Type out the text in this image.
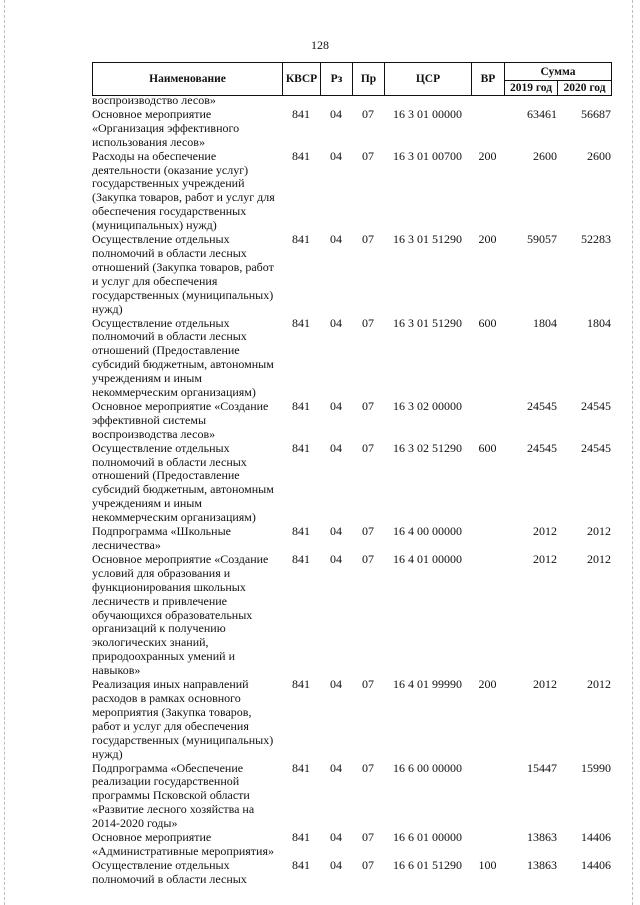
128
Наименование	КВСР	Рз	Пр	ЦСР	ВР	Сумма	
						2019 год	2020 год
воспроизводство лесов»							
Основное мероприятие «Организация эффективного использования лесов»	841	04	07	16 3 01 00000		63461	56687
Расходы на обеспечение деятельности (оказание услуг) государственных учреждений (Закупка товаров, работ и услуг для обеспечения государственных (муниципальных) нужд)	841	04	07	16 3 01 00700	200	2600	2600
Осуществление отдельных полномочий в области лесных отношений (Закупка товаров, работ и услуг для обеспечения государственных (муниципальных) нужд)	841	04	07	16 3 01 51290	200	59057	52283
Осуществление отдельных полномочий в области лесных отношений (Предоставление субсидий бюджетным, автономным учреждениям и иным некоммерческим организациям)	841	04	07	16 3 01 51290	600	1804	1804
Основное мероприятие «Создание эффективной системы воспроизводства лесов»	841	04	07	16 3 02 00000		24545	24545
Осуществление отдельных полномочий в области лесных отношений (Предоставление субсидий бюджетным, автономным учреждениям и иным некоммерческим организациям)	841	04	07	16 3 02 51290	600	24545	24545
Подпрограмма «Школьные лесничества»	841	04	07	16 4 00 00000		2012	2012
Основное мероприятие «Создание условий для образования и функционирования школьных лесничеств и привлечение обучающихся образовательных организаций к получению экологических знаний, природоохранных умений и навыков»	841	04	07	16 4 01 00000		2012	2012
Реализация иных направлений расходов в рамках основного мероприятия (Закупка товаров, работ и услуг для обеспечения государственных (муниципальных) нужд)	841	04	07	16 4 01 99990	200	2012	2012
Подпрограмма «Обеспечение реализации государственной программы Псковской области «Развитие лесного хозяйства на 2014-2020 годы»	841	04	07	16 6 00 00000		15447	15990
Основное мероприятие «Административные мероприятия»	841	04	07	16 6 01 00000		13863	14406
Осуществление отдельных полномочий в области лесных	841	04	07	16 6 01 51290	100	13863	14406
